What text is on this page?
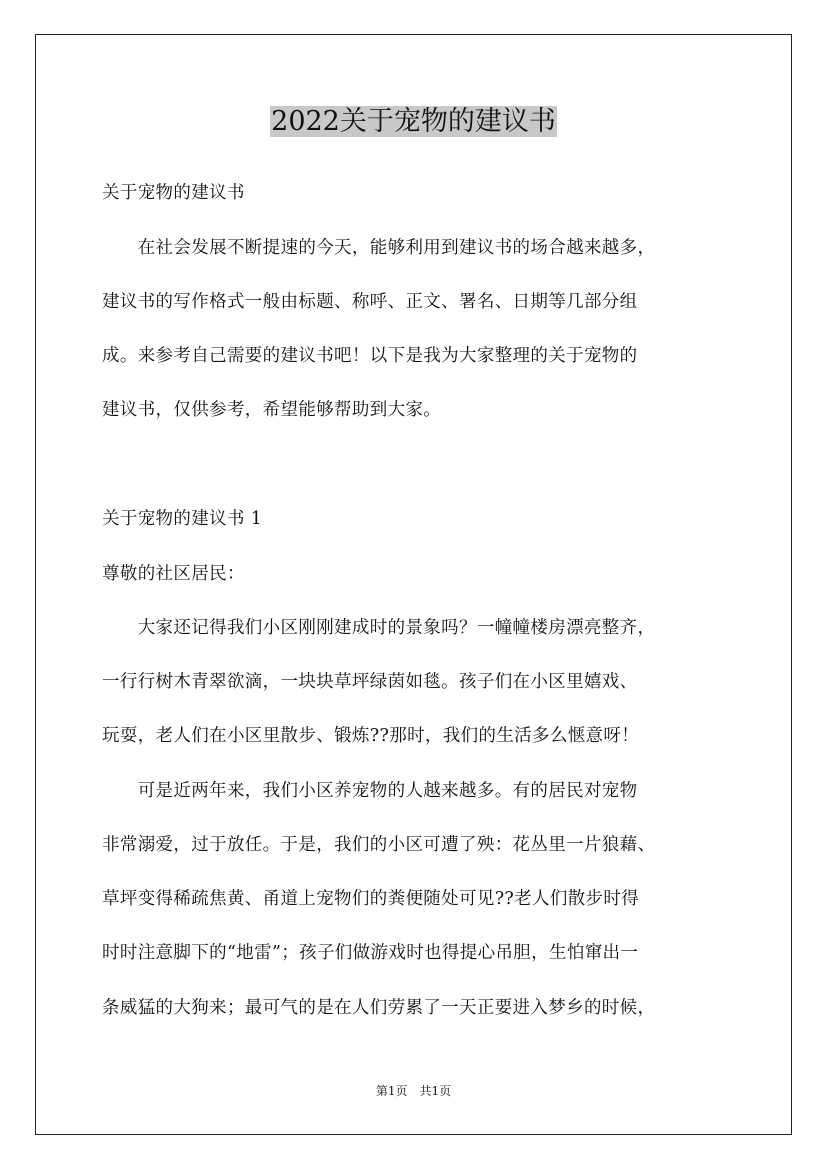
2022关于宠物的建议书

关于宠物的建议书

　　在社会发展不断提速的今天，能够利用到建议书的场合越来越多，

建议书的写作格式一般由标题、称呼、正文、署名、日期等几部分组

成。来参考自己需要的建议书吧！以下是我为大家整理的关于宠物的

建议书，仅供参考，希望能够帮助到大家。

关于宠物的建议书 1

尊敬的社区居民：

　　大家还记得我们小区刚刚建成时的景象吗？一幢幢楼房漂亮整齐，

一行行树木青翠欲滴，一块块草坪绿茵如毯。孩子们在小区里嬉戏、

玩耍，老人们在小区里散步、锻炼??那时，我们的生活多么惬意呀！

　　可是近两年来，我们小区养宠物的人越来越多。有的居民对宠物

非常溺爱，过于放任。于是，我们的小区可遭了殃：花丛里一片狼藉、

草坪变得稀疏焦黄、甬道上宠物们的粪便随处可见??老人们散步时得

时时注意脚下的“地雷”；孩子们做游戏时也得提心吊胆，生怕窜出一

条威猛的大狗来；最可气的是在人们劳累了一天正要进入梦乡的时候，

第1页　共1页
